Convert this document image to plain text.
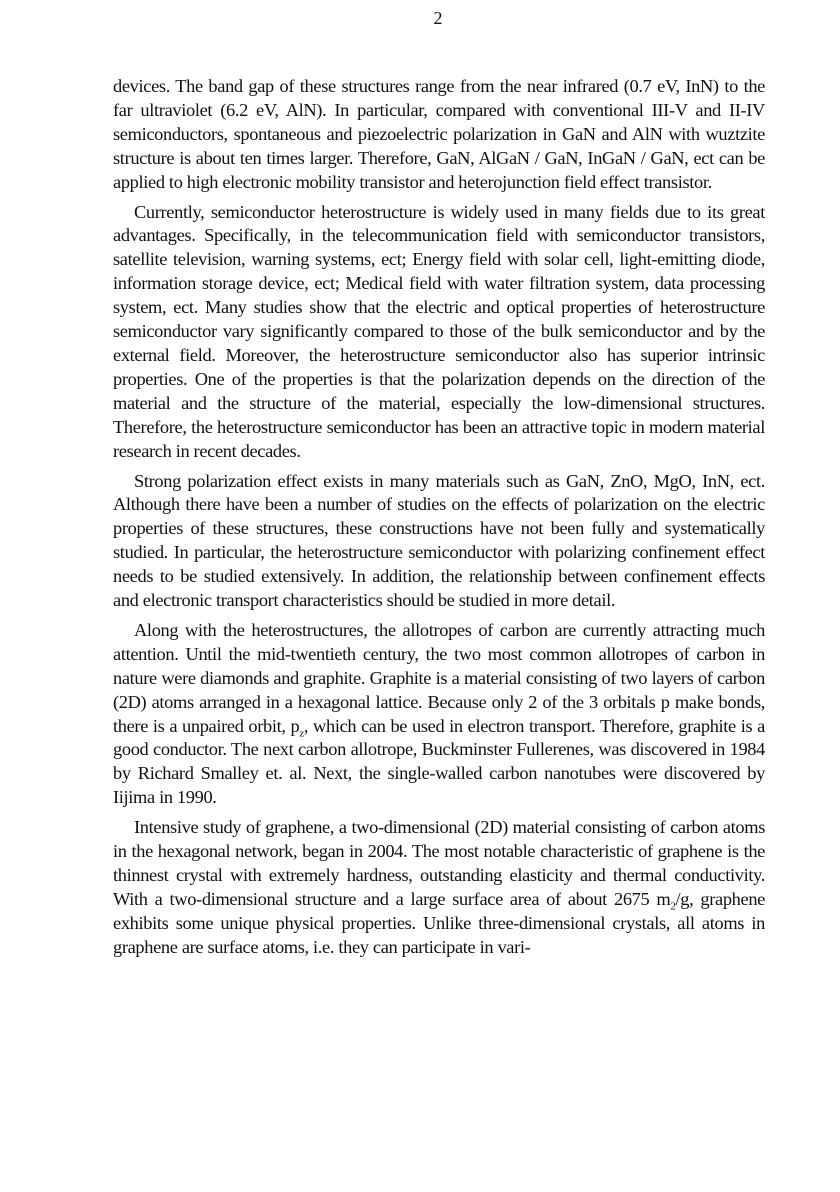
2

devices. The band gap of these structures range from the near infrared (0.7 eV, InN) to the far ultraviolet (6.2 eV, AlN). In particular, compared with conventional III-V and II-IV semiconductors, spontaneous and piezoelectric polarization in GaN and AlN with wuztzite structure is about ten times larger. Therefore, GaN, AlGaN / GaN, InGaN / GaN, ect can be applied to high electronic mobility transistor and heterojunction field effect transistor.

Currently, semiconductor heterostructure is widely used in many fields due to its great advantages. Specifically, in the telecommunication field with semiconductor transistors, satellite television, warning systems, ect; Energy field with solar cell, light-emitting diode, information storage device, ect; Medical field with water filtration system, data processing system, ect. Many studies show that the electric and optical properties of heterostructure semiconductor vary significantly compared to those of the bulk semiconductor and by the external field. Moreover, the heterostructure semiconductor also has superior intrinsic properties. One of the properties is that the polarization depends on the direction of the material and the structure of the material, especially the low-dimensional structures. Therefore, the heterostructure semiconductor has been an attractive topic in modern material research in recent decades.

Strong polarization effect exists in many materials such as GaN, ZnO, MgO, InN, ect. Although there have been a number of studies on the effects of polarization on the electric properties of these structures, these constructions have not been fully and systematically studied. In particular, the heterostructure semiconductor with polarizing confinement effect needs to be studied extensively. In addition, the relationship between confinement effects and electronic transport characteristics should be studied in more detail.

Along with the heterostructures, the allotropes of carbon are currently attracting much attention. Until the mid-twentieth century, the two most common allotropes of carbon in nature were diamonds and graphite. Graphite is a material consisting of two layers of carbon (2D) atoms arranged in a hexagonal lattice. Because only 2 of the 3 orbitals p make bonds, there is a unpaired orbit, $p_z$, which can be used in electron transport. Therefore, graphite is a good conductor. The next carbon allotrope, Buckminster Fullerenes, was discovered in 1984 by Richard Smalley et. al. Next, the single-walled carbon nanotubes were discovered by Iijima in 1990.

Intensive study of graphene, a two-dimensional (2D) material consisting of carbon atoms in the hexagonal network, began in 2004. The most notable characteristic of graphene is the thinnest crystal with extremely hardness, outstanding elasticity and thermal conductivity. With a two-dimensional structure and a large surface area of about 2675 $m_2/g$, graphene exhibits some unique physical properties. Unlike three-dimensional crystals, all atoms in graphene are surface atoms, i.e. they can participate in vari-
